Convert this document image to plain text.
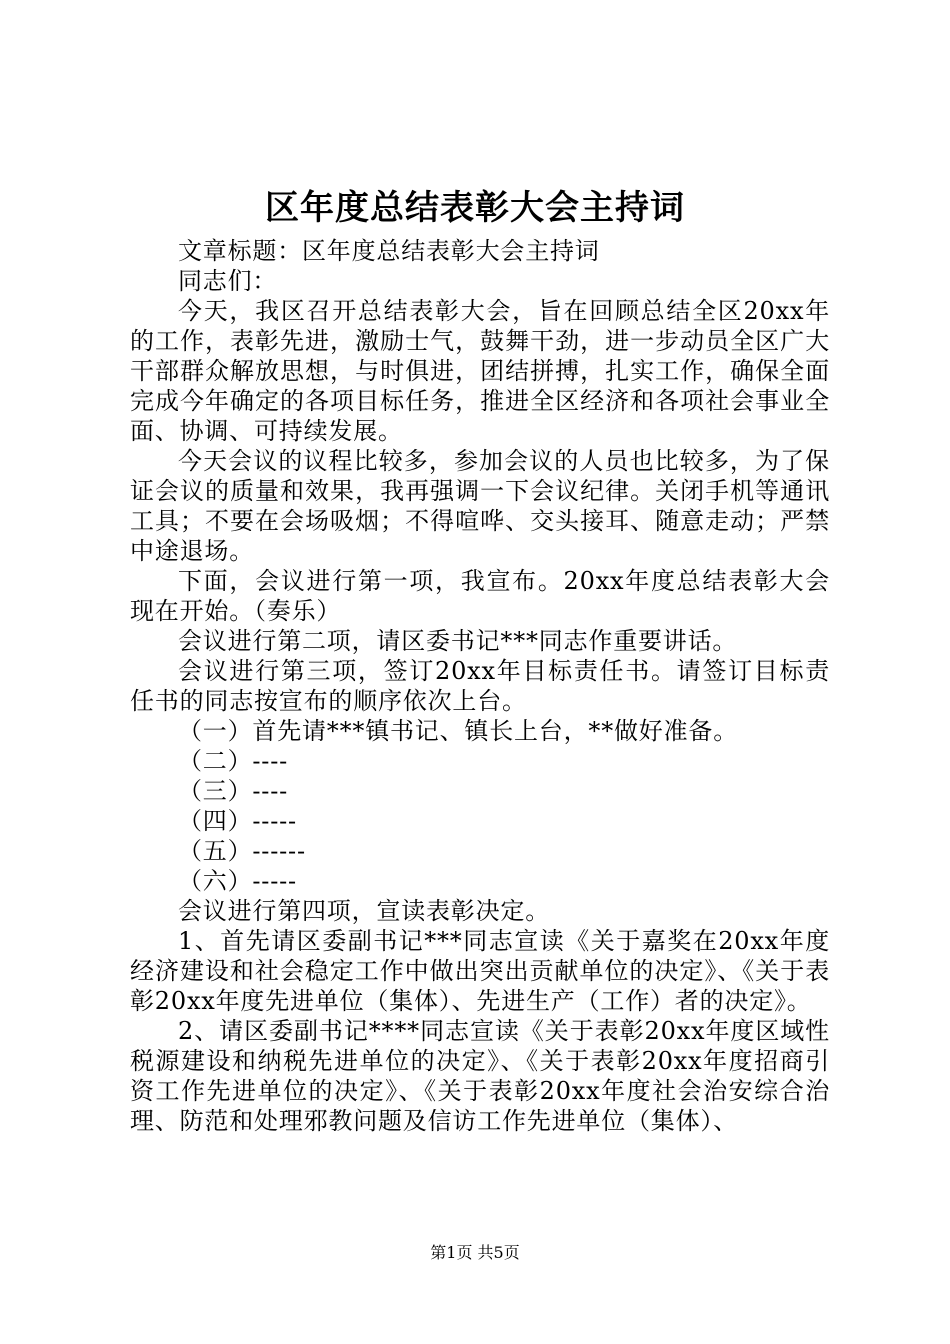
区年度总结表彰大会主持词

文章标题：区年度总结表彰大会主持词

同志们：

今天，我区召开总结表彰大会，旨在回顾总结全区20xx年的工作，表彰先进，激励士气，鼓舞干劲，进一步动员全区广大干部群众解放思想，与时俱进，团结拼搏，扎实工作，确保全面完成今年确定的各项目标任务，推进全区经济和各项社会事业全面、协调、可持续发展。

今天会议的议程比较多，参加会议的人员也比较多，为了保证会议的质量和效果，我再强调一下会议纪律。关闭手机等通讯工具；不要在会场吸烟；不得喧哗、交头接耳、随意走动；严禁中途退场。

下面，会议进行第一项，我宣布。20xx年度总结表彰大会现在开始。（奏乐）

会议进行第二项，请区委书记***同志作重要讲话。

会议进行第三项，签订20xx年目标责任书。请签订目标责任书的同志按宣布的顺序依次上台。

（一）首先请***镇书记、镇长上台，**做好准备。

（二）----

（三）----

（四）-----

（五）------

（六）-----

会议进行第四项，宣读表彰决定。

1、首先请区委副书记***同志宣读《关于嘉奖在20xx年度经济建设和社会稳定工作中做出突出贡献单位的决定》、《关于表彰20xx年度先进单位（集体）、先进生产（工作）者的决定》。

2、请区委副书记****同志宣读《关于表彰20xx年度区域性税源建设和纳税先进单位的决定》、《关于表彰20xx年度招商引资工作先进单位的决定》、《关于表彰20xx年度社会治安综合治理、防范和处理邪教问题及信访工作先进单位（集体）、

第1页 共5页
